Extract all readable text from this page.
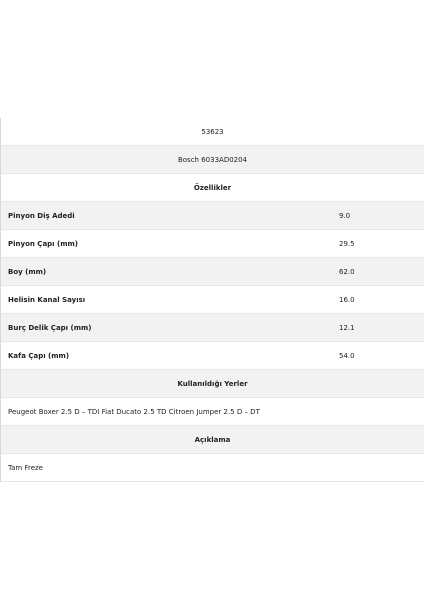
53623
Bosch 6033AD0204
Özellikler
Pinyon Diş Adedi	9.0
Pinyon Çapı (mm)	29.5
Boy (mm)	62.0
Helisin Kanal Sayısı	16.0
Burç Delik Çapı (mm)	12.1
Kafa Çapı (mm)	54.0
Kullanıldığı Yerler
Peugeot Boxer 2.5 D – TDI Fiat Ducato 2.5 TD Citroen Jumper 2.5 D – DT
Açıklama
Tam Freze
